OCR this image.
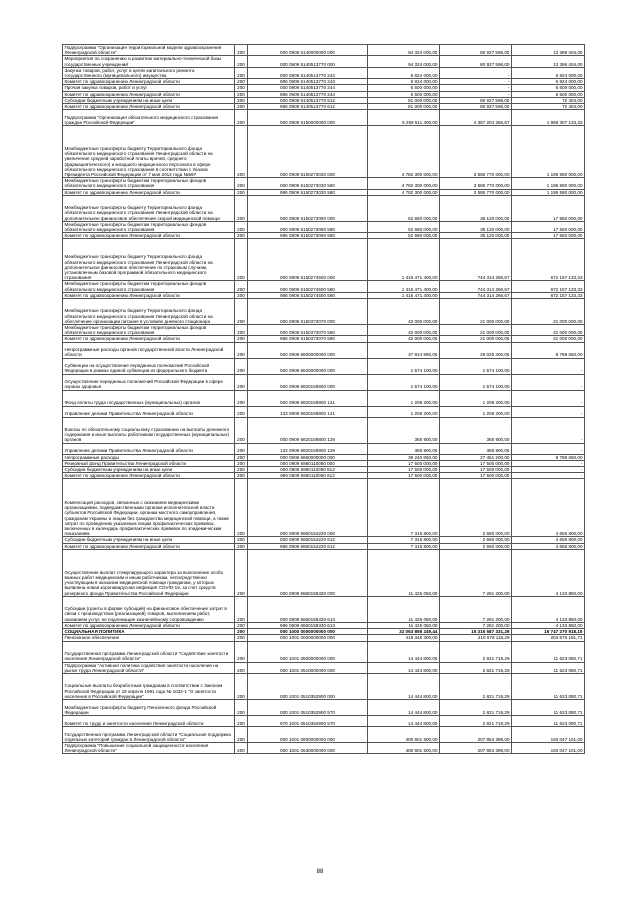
Подпрограмма "Организация территориальной модели здравоохранения Ленинградской области"	200	000 0909 5140000000 000	94 324 000,00	80 927 596,00	13 396 404,00
Мероприятия по сохранению и развитию материально-технической базы государственных учреждений	200	000 0909 5140513770 000	94 324 000,00	80 927 596,00	13 396 404,00
Закупка товаров, работ, услуг в целях капитального ремонта государственного (муниципального) имущества	200	000 0909 5140513770 243	6 824 000,00	-	6 824 000,00
Комитет по здравоохранению Ленинградской области	200	986 0909 5140513770 243	6 824 000,00	-	6 824 000,00
Прочая закупка товаров, работ и услуг	200	000 0909 5140513770 244	6 500 000,00	-	6 500 000,00
Комитет по здравоохранению Ленинградской области	200	986 0909 5140513770 244	6 500 000,00	-	6 500 000,00
Субсидии бюджетным учреждениям на иные цели	200	000 0909 5140513770 612	81 000 000,00	80 927 596,00	72 404,00
Комитет по здравоохранению Ленинградской области	200	986 0909 5140513770 612	81 000 000,00	80 927 596,00	72 404,00
Подпрограмма "Организация обязательного медицинского страхования граждан Российской Федерации"	200	000 0909 5150000000 000	6 269 511 400,00	4 367 204 266,67	1 968 307 133,33
Межбюджетные трансферты бюджету Территориального фонда обязательного медицинского страхования Ленинградской области на увеличение средней заработной платы врачей, среднего (фармацевтического) и младшего медицинского персонала в сфере обязательного медицинского страхования в соответствии с Указом Президента Российской Федерации от 7 мая 2012 года №597	200	000 0909 5150273030 000	4 782 300 000,00	3 586 770 000,00	1 195 590 000,00
Межбюджетные трансферты бюджетам территориальных фондов обязательного медицинского страхования	200	000 0909 5150273030 580	4 782 300 000,00	3 586 770 000,00	1 195 590 000,00
Комитет по здравоохранению Ленинградской области	200	986 0909 5150273030 580	4 782 300 000,00	3 586 770 000,00	1 195 590 000,00
Межбюджетные трансферты бюджету Территориального фонда обязательного медицинского страхования Ленинградской области на дополнительное финансовое обеспечение скорой медицинской помощи	200	000 0909 5150273060 000	52 680 000,00	35 120 000,00	17 560 000,00
Межбюджетные трансферты бюджетам территориальных фондов обязательного медицинского страхования	200	000 0909 5150273060 580	52 680 000,00	35 120 000,00	17 560 000,00
Комитет по здравоохранению Ленинградской области	200	986 0909 5150273060 580	52 680 000,00	35 120 000,00	17 560 000,00
Межбюджетные трансферты бюджету Территориального фонда обязательного медицинского страхования Ленинградской области на дополнительное финансовое обеспечение по страховым случаям, установленным базовой программой обязательного медицинского страхования	200	000 0909 5150274500 000	1 416 471 400,00	744 314 266,67	672 157 133,33
Межбюджетные трансферты бюджетам территориальных фондов обязательного медицинского страхования	200	000 0909 5150274500 580	1 416 471 400,00	744 314 266,67	672 157 133,33
Комитет по здравоохранению Ленинградской области	200	986 0909 5150274500 580	1 416 471 400,00	744 314 266,67	672 157 133,33
Межбюджетные трансферты бюджету Территориального фонда обязательного медицинского страхования Ленинградской области на обеспечение организации питания в условиях дневного стационара	200	000 0909 5150373070 000	42 000 000,00	21 000 000,00	21 000 000,00
Межбюджетные трансферты бюджетам территориальных фондов обязательного медицинского страхования	200	000 0909 5150373070 580	42 000 000,00	21 000 000,00	21 000 000,00
Комитет по здравоохранению Ленинградской области	200	986 0909 5150373070 580	42 000 000,00	21 000 000,00	21 000 000,00
Непрограммные расходы органов государственной власти Ленинградской области	200	000 0909 6800000000 000	37 814 950,00	29 025 300,00	8 789 650,00
Субвенции на осуществление переданных полномочий Российской Федерации в рамках единой субвенции из федерального бюджета	200	000 0909 6820000000 000	1 574 100,00	1 574 100,00	-
Осуществление переданных полномочий Российской Федерации в сфере охраны здоровья	200	000 0909 6820159800 000	1 574 100,00	1 574 100,00	-
Фонд оплаты труда государственных (муниципальных) органов	200	000 0909 6820159800 121	1 208 200,00	1 208 200,00	-
Управление делами Правительства Ленинградской области	200	133 0909 6820159800 121	1 208 200,00	1 208 200,00	-
Взносы по обязательному социальному страхованию на выплаты денежного содержания и иные выплаты работникам государственных (муниципальных) органов	200	000 0909 6820159800 129	365 900,00	365 900,00	-
Управление делами Правительства Ленинградской области	200	133 0909 6820159800 129	365 900,00	365 900,00	-
Непрограммные расходы	200	000 0909 6860000000 000	36 240 850,00	27 451 200,00	8 789 650,00
Резервный фонд Правительства Ленинградской области	200	000 0909 6860110050 000	17 500 000,00	17 500 000,00	-
Субсидии бюджетным учреждениям на иные цели	200	000 0909 6860110050 612	17 500 000,00	17 500 000,00	-
Комитет по здравоохранению Ленинградской области	200	986 0909 6860110050 612	17 500 000,00	17 500 000,00	-
Компенсация расходов, связанных с оказанием медицинскими организациями, подведомственными органам исполнительной власти субъектов Российской Федерации, органам местного самоуправления, гражданам Украины и лицам без гражданства медицинской помощи, а также затрат по проведению указанным лицам профилактических прививок, включенных в календарь профилактических прививок по эпидемическим показаниям	200	000 0909 6860154220 000	7 315 800,00	2 660 000,00	4 655 800,00
Субсидии бюджетным учреждениям на иные цели	200	000 0909 6860154220 612	7 315 800,00	2 660 000,00	4 655 800,00
Комитет по здравоохранению Ленинградской области	200	986 0909 6860154220 612	7 315 800,00	2 660 000,00	4 655 800,00
Осуществление выплат стимулирующего характера за выполнение особо важных работ медицинским и иным работникам, непосредственно участвующим в оказании медицинской помощи гражданам, у которых выявлена новая коронавирусная инфекция COVID-19, за счет средств резервного фонда Правительства Российской Федерации	200	000 0909 6860158330 000	11 425 050,00	7 291 200,00	4 133 850,00
Субсидии (гранты в форме субсидий) на финансовое обеспечение затрат в связи с производством (реализацией) товаров, выполнением работ, оказанием услуг, не подлежащие казначейскому сопровождению	200	000 0909 6860158330 613	11 425 050,00	7 291 200,00	4 133 850,00
Комитет по здравоохранению Ленинградской области	200	986 0909 6860158330 613	11 425 050,00	7 291 200,00	4 133 850,00
СОЦИАЛЬНАЯ ПОЛИТИКА	200	000 1000 0000000000 000	32 063 858 249,44	15 316 587 331,29	16 747 270 918,15
Пенсионное обеспечение	200	000 1001 0000000000 000	415 346 300,00	210 676 118,29	204 670 181,71
Государственная программа Ленинградской области "Содействие занятости населения Ленинградской области"	200	000 1001 0500000000 000	14 444 800,00	2 821 719,29	11 623 080,71
Подпрограмма "Активная политика содействия занятости населения на рынке труда Ленинградской области"	200	000 1001 0510000000 000	14 444 800,00	2 821 719,29	11 623 080,71
Социальные выплаты безработным гражданам в соответствии с Законом Российской Федерации от 19 апреля 1991 года № 1032-1 "О занятости населения в Российской Федерации"	200	000 1001 0510352900 000	14 444 800,00	2 821 719,29	11 623 080,71
Межбюджетные трансферты бюджету Пенсионного фонда Российской Федерации	200	000 1001 0510352900 570	14 444 800,00	2 821 719,29	11 623 080,71
Комитет по труду и занятости населения Ленинградской области	200	970 1001 0510352900 570	14 444 800,00	2 821 719,29	11 623 080,71
Государственная программа Ленинградской области "Социальная поддержка отдельных категорий граждан в Ленинградской области"	200	000 1001 0600000000 000	400 901 500,00	207 854 399,00	193 047 101,00
Подпрограмма "Повышение социальной защищенности населения Ленинградской области"	200	000 1001 0630000000 000	400 901 500,00	207 854 399,00	193 047 101,00
88
